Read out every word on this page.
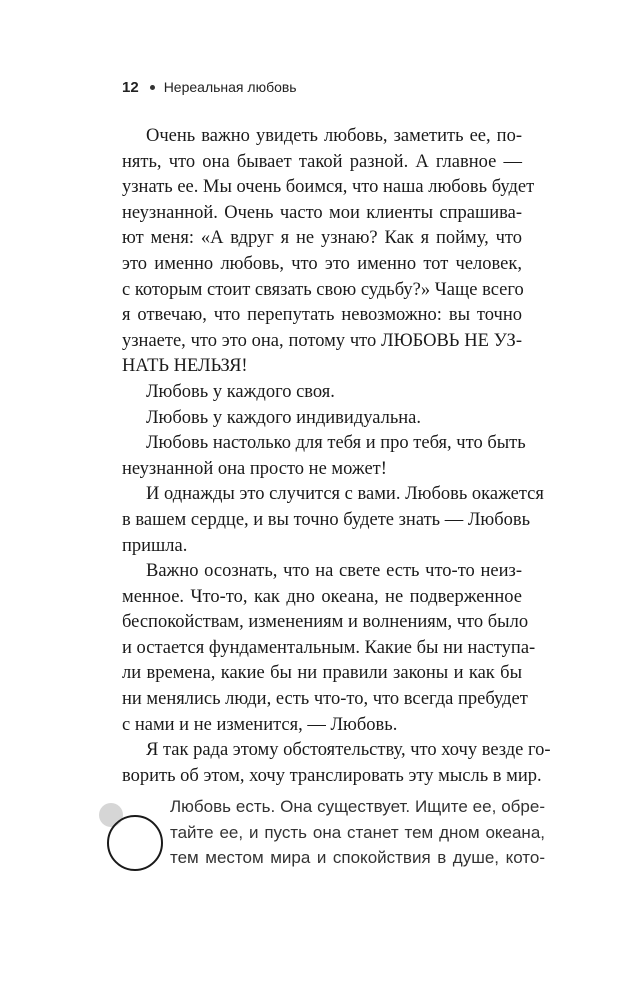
12 Нереальная любовь
Очень важно увидеть любовь, заметить ее, по-
нять, что она бывает такой разной. А главное —
узнать ее. Мы очень боимся, что наша любовь будет
неузнанной. Очень часто мои клиенты спрашива-
ют меня: «А вдруг я не узнаю? Как я пойму, что
это именно любовь, что это именно тот человек,
с которым стоит связать свою судьбу?» Чаще всего
я отвечаю, что перепутать невозможно: вы точно
узнаете, что это она, потому что ЛЮБОВЬ НЕ УЗ-
НАТЬ НЕЛЬЗЯ!
Любовь у каждого своя.
Любовь у каждого индивидуальна.
Любовь настолько для тебя и про тебя, что быть
неузнанной она просто не может!
И однажды это случится с вами. Любовь окажется
в вашем сердце, и вы точно будете знать — Любовь
пришла.
Важно осознать, что на свете есть что-то неиз-
менное. Что-то, как дно океана, не подверженное
беспокойствам, изменениям и волнениям, что было
и остается фундаментальным. Какие бы ни наступа-
ли времена, какие бы ни правили законы и как бы
ни менялись люди, есть что-то, что всегда пребудет
с нами и не изменится, — Любовь.
Я так рада этому обстоятельству, что хочу везде го-
ворить об этом, хочу транслировать эту мысль в мир.
Любовь есть. Она существует. Ищите ее, обре-
тайте ее, и пусть она станет тем дном океана,
тем местом мира и спокойствия в душе, кото-
